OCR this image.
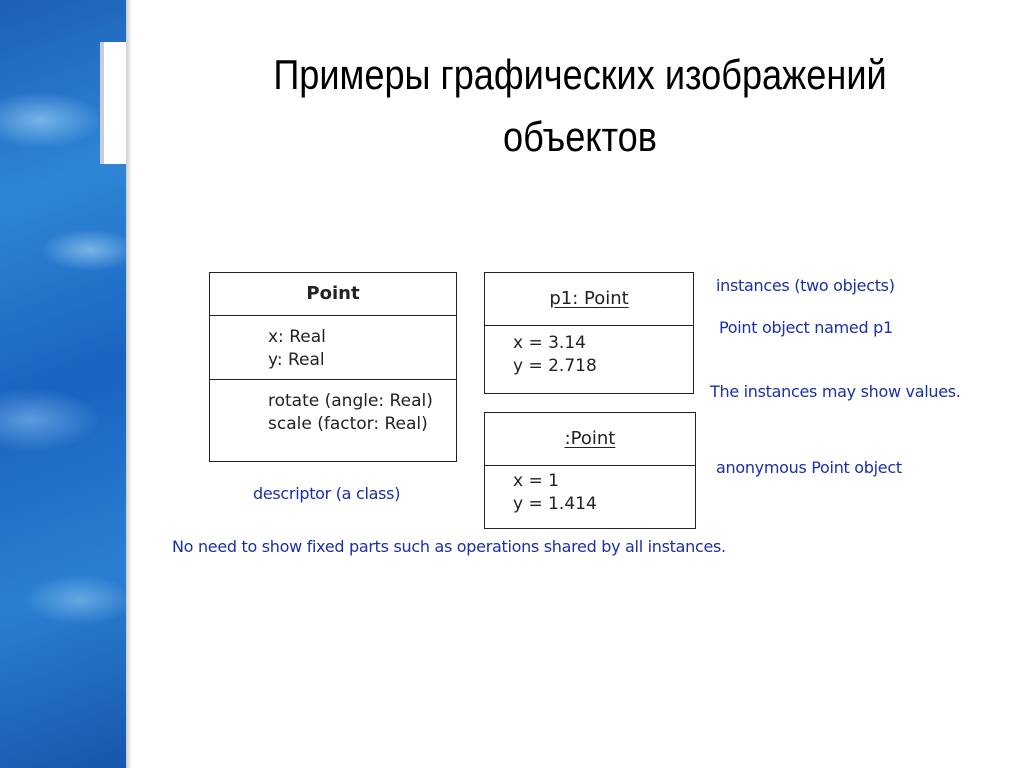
Примеры графических изображений
объектов
Point
x: Real
y: Real
rotate (angle: Real)
scale (factor: Real)
p1: Point
x = 3.14
y = 2.718
:Point
x = 1
y = 1.414
instances (two objects)
Point object named p1
The instances may show values.
anonymous Point object
descriptor (a class)
No need to show fixed parts such as operations shared by all instances.
